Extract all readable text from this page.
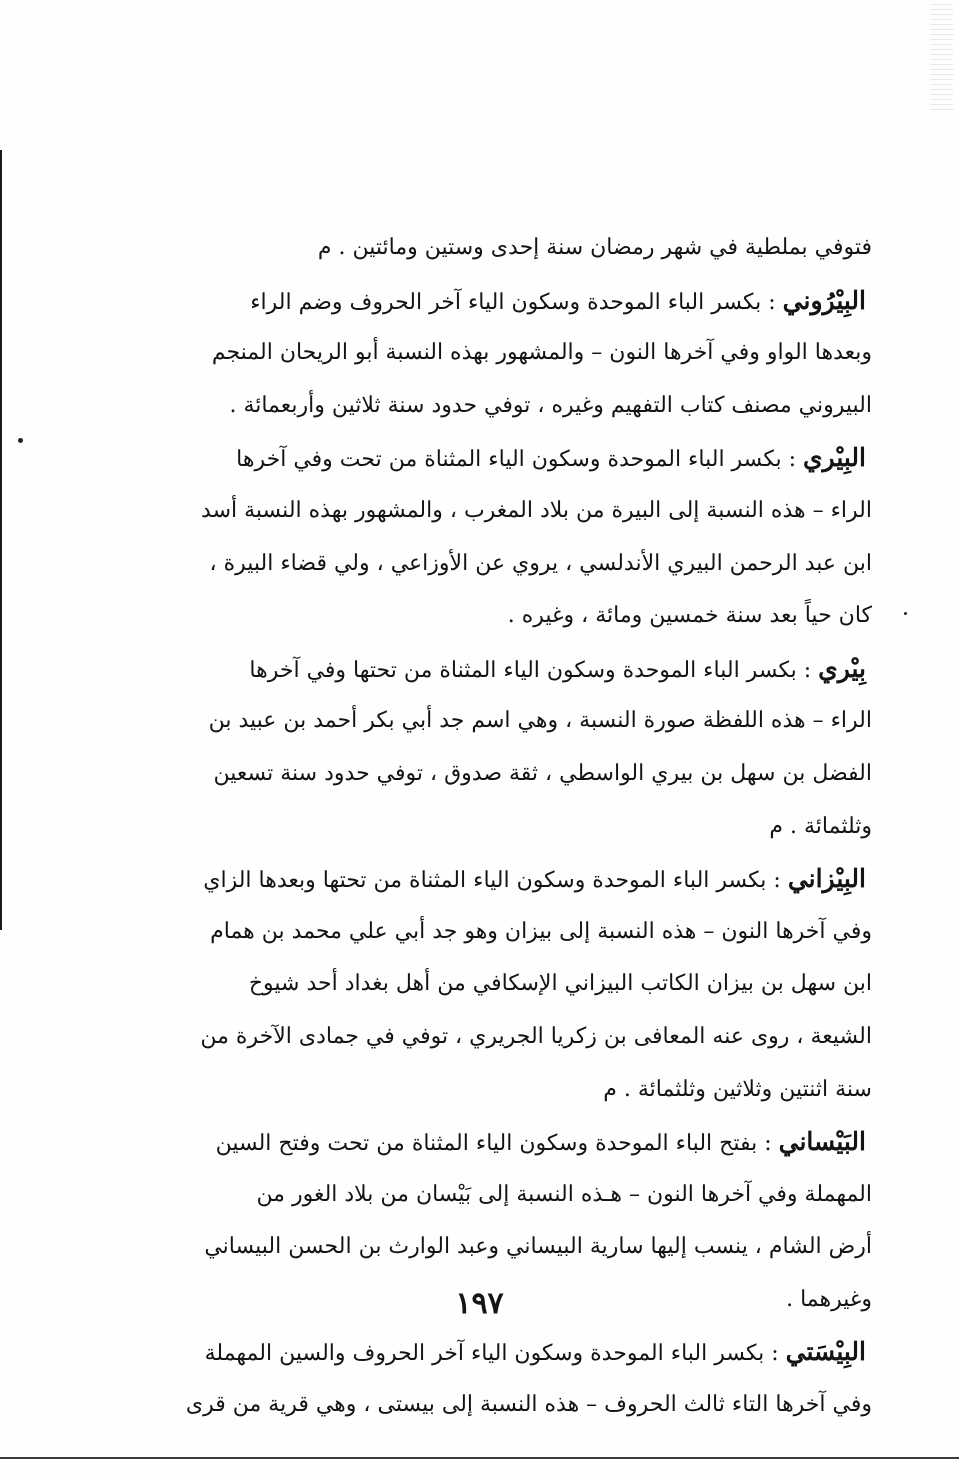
فتوفي بملطية في شهر رمضان سنة إحدى وستين ومائتين . م
البِيْرُوني : بكسر الباء الموحدة وسكون الياء آخر الحروف وضم الراء
وبعدها الواو وفي آخرها النون – والمشهور بهذه النسبة أبو الريحان المنجم
البيروني مصنف كتاب التفهيم وغيره ، توفي حدود سنة ثلاثين وأربعمائة .
البِيْري : بكسر الباء الموحدة وسكون الياء المثناة من تحت وفي آخرها
الراء – هذه النسبة إلى البيرة من بلاد المغرب ، والمشهور بهذه النسبة أسد
ابن عبد الرحمن البيري الأندلسي ، يروي عن الأوزاعي ، ولي قضاء البيرة ،
كان حياً بعد سنة خمسين ومائة ، وغيره .
بِيْري : بكسر الباء الموحدة وسكون الياء المثناة من تحتها وفي آخرها
الراء – هذه اللفظة صورة النسبة ، وهي اسم جد أبي بكر أحمد بن عبيد بن
الفضل بن سهل بن بيري الواسطي ، ثقة صدوق ، توفي حدود سنة تسعين
وثلثمائة . م
البِيْزاني : بكسر الباء الموحدة وسكون الياء المثناة من تحتها وبعدها الزاي
وفي آخرها النون – هذه النسبة إلى بيزان وهو جد أبي علي محمد بن همام
ابن سهل بن بيزان الكاتب البيزاني الإسكافي من أهل بغداد أحد شيوخ
الشيعة ، روى عنه المعافى بن زكريا الجريري ، توفي في جمادى الآخرة من
سنة اثنتين وثلاثين وثلثمائة . م
البَيْساني : بفتح الباء الموحدة وسكون الياء المثناة من تحت وفتح السين
المهملة وفي آخرها النون – هـذه النسبة إلى بَيْسان من بلاد الغور من
أرض الشام ، ينسب إليها سارية البيساني وعبد الوارث بن الحسن البيساني
وغيرهما .
البِيْسَتي : بكسر الباء الموحدة وسكون الياء آخر الحروف والسين المهملة
وفي آخرها التاء ثالث الحروف – هذه النسبة إلى بيستى ، وهي قرية من قرى
١٩٧
